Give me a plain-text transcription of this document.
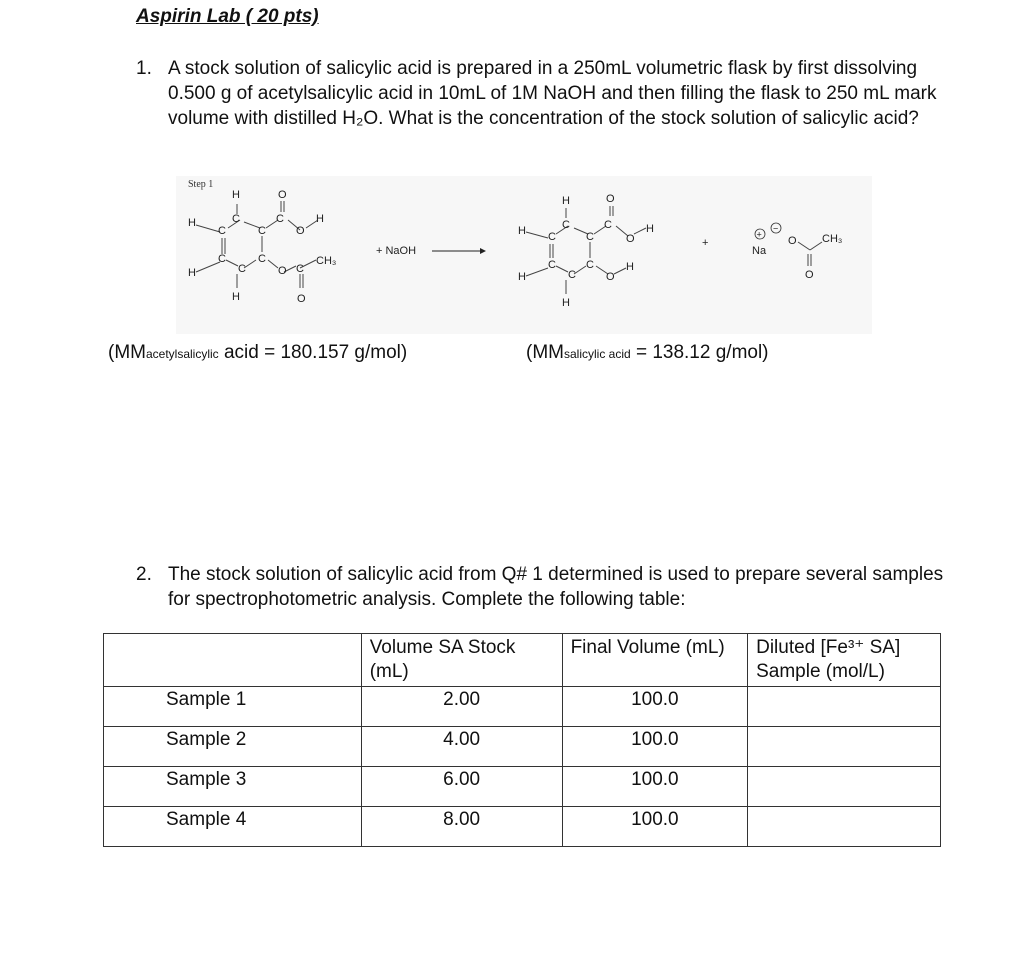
Aspirin Lab ( 20 pts)
1. A stock solution of salicylic acid is prepared in a 250mL volumetric flask by first dissolving 0.500 g of acetylsalicylic acid in 10mL of 1M NaOH and then filling the flask to 250 mL mark volume with distilled H₂O. What is the concentration of the stock solution of salicylic acid?
Step 1
H	O
H	C	C	H
C	C	O
C
C
C
O
CH₃
H	C
H	O
+ NaOH
H	O
H	C	C
C	C	O
H
C
C
C
O
H
H
H
+
+
−
Na
O CH₃
O
(MMacetylsalicylic acid = 180.157 g/mol)	(MMsalicylic acid = 138.12 g/mol)
2. The stock solution of salicylic acid from Q# 1 determined is used to prepare several samples for spectrophotometric analysis. Complete the following table:
	Volume SA Stock (mL)	Final Volume (mL)	Diluted [Fe³⁺ SA] Sample (mol/L)
Sample 1	2.00	100.0	
Sample 2	4.00	100.0	
Sample 3	6.00	100.0	
Sample 4	8.00	100.0	
